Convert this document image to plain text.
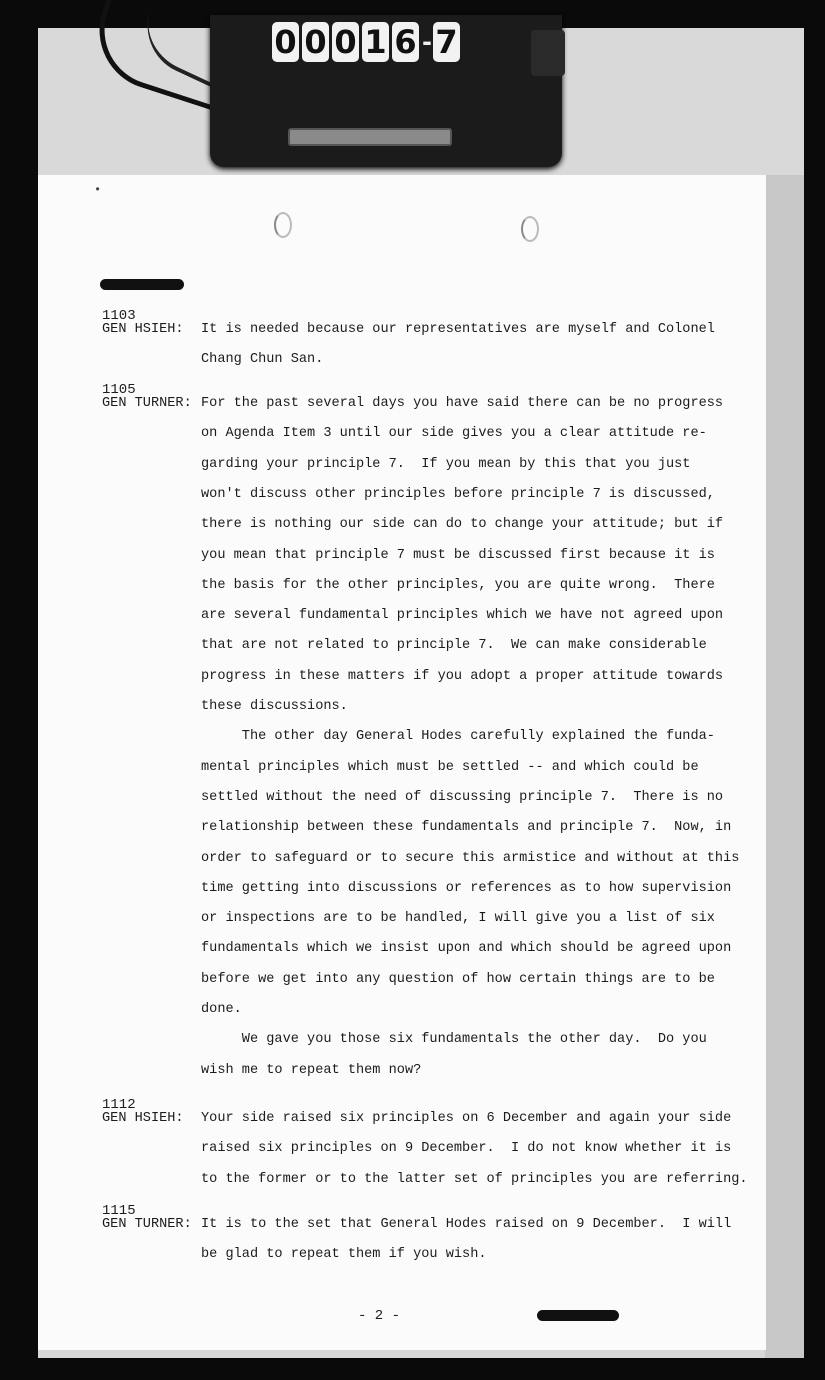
0 0 0 1 6 - 7
•
1103
GEN HSIEH: It is needed because our representatives are myself and Colonel
Chang Chun San.
1105
GEN TURNER: For the past several days you have said there can be no progress
on Agenda Item 3 until our side gives you a clear attitude re-
garding your principle 7.  If you mean by this that you just
won't discuss other principles before principle 7 is discussed,
there is nothing our side can do to change your attitude; but if
you mean that principle 7 must be discussed first because it is
the basis for the other principles, you are quite wrong.  There
are several fundamental principles which we have not agreed upon
that are not related to principle 7.  We can make considerable
progress in these matters if you adopt a proper attitude towards
these discussions.
The other day General Hodes carefully explained the funda-
mental principles which must be settled -- and which could be
settled without the need of discussing principle 7.  There is no
relationship between these fundamentals and principle 7.  Now, in
order to safeguard or to secure this armistice and without at this
time getting into discussions or references as to how supervision
or inspections are to be handled, I will give you a list of six
fundamentals which we insist upon and which should be agreed upon
before we get into any question of how certain things are to be
done.
We gave you those six fundamentals the other day.  Do you
wish me to repeat them now?
1112
GEN HSIEH: Your side raised six principles on 6 December and again your side
raised six principles on 9 December.  I do not know whether it is
to the former or to the latter set of principles you are referring.
1115
GEN TURNER: It is to the set that General Hodes raised on 9 December.  I will
be glad to repeat them if you wish.
- 2 -
